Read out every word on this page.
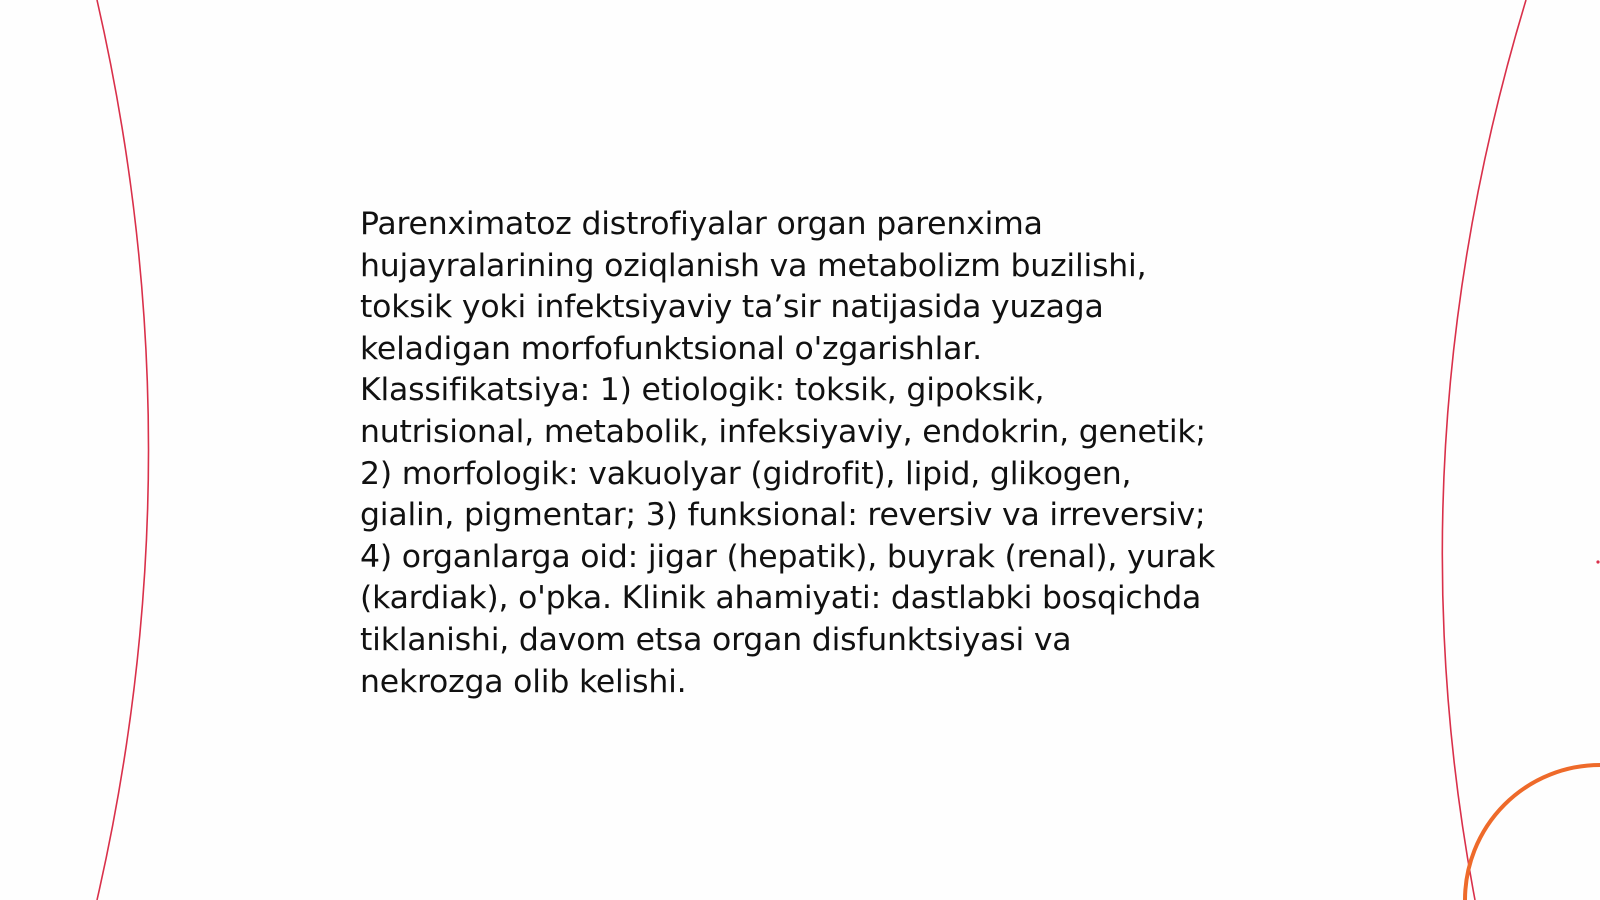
Parenximatoz distrofiyalar organ parenxima
hujayralarining oziqlanish va metabolizm buzilishi,
toksik yoki infektsiyaviy ta’sir natijasida yuzaga
keladigan morfofunktsional o'zgarishlar.
Klassifikatsiya: 1) etiologik: toksik, gipoksik,
nutrisional, metabolik, infeksiyaviy, endokrin, genetik;
2) morfologik: vakuolyar (gidrofit), lipid, glikogen,
gialin, pigmentar; 3) funksional: reversiv va irreversiv;
4) organlarga oid: jigar (hepatik), buyrak (renal), yurak
(kardiak), o'pka. Klinik ahamiyati: dastlabki bosqichda
tiklanishi, davom etsa organ disfunktsiyasi va
nekrozga olib kelishi.
